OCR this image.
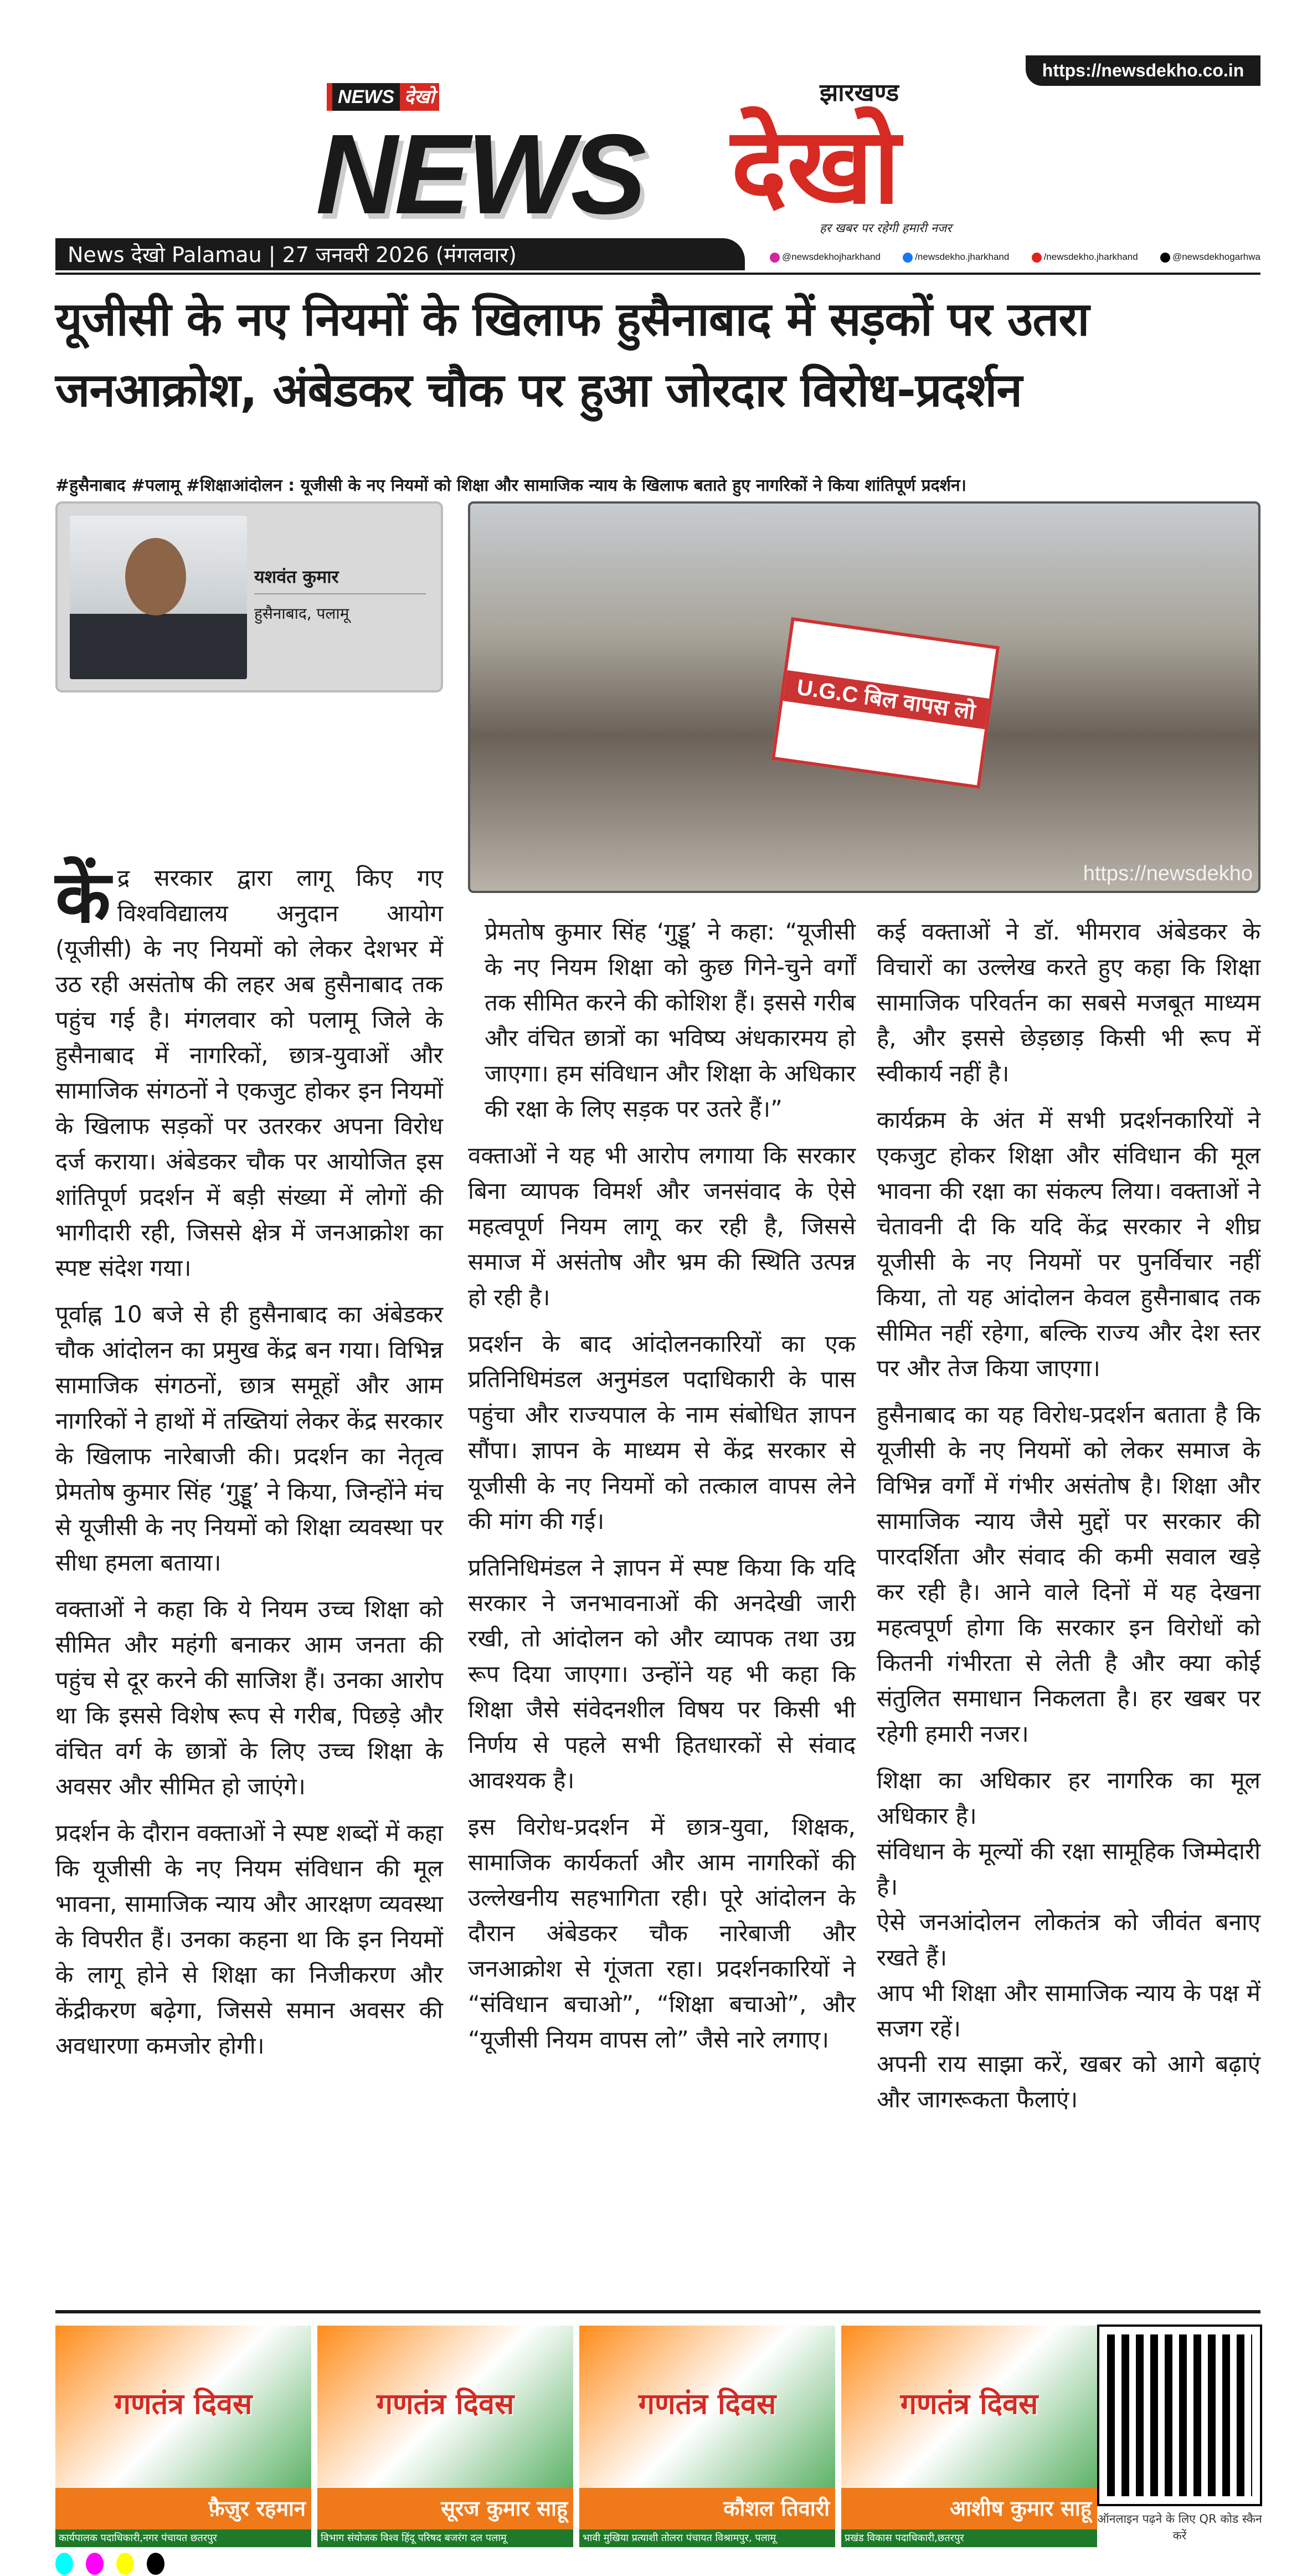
https://newsdekho.co.in
NEWS देखो	झारखण्ड
NEWS देखो
हर खबर पर रहेगी हमारी नजर
News देखो Palamau | 27 जनवरी 2026 (मंगलवार)	@newsdekhojharkhand	/newsdekho.jharkhand	/newsdekho.jharkhand	@newsdekhogarhwa
यूजीसी के नए नियमों के खिलाफ हुसैनाबाद में सड़कों पर उतरा जनआक्रोश, अंबेडकर चौक पर हुआ जोरदार विरोध-प्रदर्शन
#हुसैनाबाद #पलामू #शिक्षाआंदोलन : यूजीसी के नए नियमों को शिक्षा और सामाजिक न्याय के खिलाफ बताते हुए नागरिकों ने किया शांतिपूर्ण प्रदर्शन।
यशवंत कुमार
हुसैनाबाद, पलामू
U.G.C बिल वापस लो
https://newsdekho

केंद्र सरकार द्वारा लागू किए गए विश्वविद्यालय अनुदान आयोग (यूजीसी) के नए नियमों को लेकर देशभर में उठ रही असंतोष की लहर अब हुसैनाबाद तक पहुंच गई है। मंगलवार को पलामू जिले के हुसैनाबाद में नागरिकों, छात्र-युवाओं और सामाजिक संगठनों ने एकजुट होकर इन नियमों के खिलाफ सड़कों पर उतरकर अपना विरोध दर्ज कराया। अंबेडकर चौक पर आयोजित इस शांतिपूर्ण प्रदर्शन में बड़ी संख्या में लोगों की भागीदारी रही, जिससे क्षेत्र में जनआक्रोश का स्पष्ट संदेश गया।

पूर्वाह्न 10 बजे से ही हुसैनाबाद का अंबेडकर चौक आंदोलन का प्रमुख केंद्र बन गया। विभिन्न सामाजिक संगठनों, छात्र समूहों और आम नागरिकों ने हाथों में तख्तियां लेकर केंद्र सरकार के खिलाफ नारेबाजी की। प्रदर्शन का नेतृत्व प्रेमतोष कुमार सिंह ‘गुड्डू’ ने किया, जिन्होंने मंच से यूजीसी के नए नियमों को शिक्षा व्यवस्था पर सीधा हमला बताया।

वक्ताओं ने कहा कि ये नियम उच्च शिक्षा को सीमित और महंगी बनाकर आम जनता की पहुंच से दूर करने की साजिश हैं। उनका आरोप था कि इससे विशेष रूप से गरीब, पिछड़े और वंचित वर्ग के छात्रों के लिए उच्च शिक्षा के अवसर और सीमित हो जाएंगे।

प्रदर्शन के दौरान वक्ताओं ने स्पष्ट शब्दों में कहा कि यूजीसी के नए नियम संविधान की मूल भावना, सामाजिक न्याय और आरक्षण व्यवस्था के विपरीत हैं। उनका कहना था कि इन नियमों के लागू होने से शिक्षा का निजीकरण और केंद्रीकरण बढ़ेगा, जिससे समान अवसर की अवधारणा कमजोर होगी।

प्रेमतोष कुमार सिंह ‘गुड्डू’ ने कहा: “यूजीसी के नए नियम शिक्षा को कुछ गिने-चुने वर्गों तक सीमित करने की कोशिश हैं। इससे गरीब और वंचित छात्रों का भविष्य अंधकारमय हो जाएगा। हम संविधान और शिक्षा के अधिकार की रक्षा के लिए सड़क पर उतरे हैं।”

वक्ताओं ने यह भी आरोप लगाया कि सरकार बिना व्यापक विमर्श और जनसंवाद के ऐसे महत्वपूर्ण नियम लागू कर रही है, जिससे समाज में असंतोष और भ्रम की स्थिति उत्पन्न हो रही है।

प्रदर्शन के बाद आंदोलनकारियों का एक प्रतिनिधिमंडल अनुमंडल पदाधिकारी के पास पहुंचा और राज्यपाल के नाम संबोधित ज्ञापन सौंपा। ज्ञापन के माध्यम से केंद्र सरकार से यूजीसी के नए नियमों को तत्काल वापस लेने की मांग की गई।

प्रतिनिधिमंडल ने ज्ञापन में स्पष्ट किया कि यदि सरकार ने जनभावनाओं की अनदेखी जारी रखी, तो आंदोलन को और व्यापक तथा उग्र रूप दिया जाएगा। उन्होंने यह भी कहा कि शिक्षा जैसे संवेदनशील विषय पर किसी भी निर्णय से पहले सभी हितधारकों से संवाद आवश्यक है।

इस विरोध-प्रदर्शन में छात्र-युवा, शिक्षक, सामाजिक कार्यकर्ता और आम नागरिकों की उल्लेखनीय सहभागिता रही। पूरे आंदोलन के दौरान अंबेडकर चौक नारेबाजी और जनआक्रोश से गूंजता रहा। प्रदर्शनकारियों ने “संविधान बचाओ”, “शिक्षा बचाओ”, और “यूजीसी नियम वापस लो” जैसे नारे लगाए।

कई वक्ताओं ने डॉ. भीमराव अंबेडकर के विचारों का उल्लेख करते हुए कहा कि शिक्षा सामाजिक परिवर्तन का सबसे मजबूत माध्यम है, और इससे छेड़छाड़ किसी भी रूप में स्वीकार्य नहीं है।

कार्यक्रम के अंत में सभी प्रदर्शनकारियों ने एकजुट होकर शिक्षा और संविधान की मूल भावना की रक्षा का संकल्प लिया। वक्ताओं ने चेतावनी दी कि यदि केंद्र सरकार ने शीघ्र यूजीसी के नए नियमों पर पुनर्विचार नहीं किया, तो यह आंदोलन केवल हुसैनाबाद तक सीमित नहीं रहेगा, बल्कि राज्य और देश स्तर पर और तेज किया जाएगा।

हुसैनाबाद का यह विरोध-प्रदर्शन बताता है कि यूजीसी के नए नियमों को लेकर समाज के विभिन्न वर्गों में गंभीर असंतोष है। शिक्षा और सामाजिक न्याय जैसे मुद्दों पर सरकार की पारदर्शिता और संवाद की कमी सवाल खड़े कर रही है। आने वाले दिनों में यह देखना महत्वपूर्ण होगा कि सरकार इन विरोधों को कितनी गंभीरता से लेती है और क्या कोई संतुलित समाधान निकलता है। हर खबर पर रहेगी हमारी नजर।

शिक्षा का अधिकार हर नागरिक का मूल अधिकार है।
संविधान के मूल्यों की रक्षा सामूहिक जिम्मेदारी है।
ऐसे जनआंदोलन लोकतंत्र को जीवंत बनाए रखते हैं।
आप भी शिक्षा और सामाजिक न्याय के पक्ष में सजग रहें।
अपनी राय साझा करें, खबर को आगे बढ़ाएं और जागरूकता फैलाएं।
गणतंत्र दिवस
फ़ैज़ुर रहमान
कार्यपालक पदाधिकारी,नगर पंचायत छतरपुर
गणतंत्र दिवस
सूरज कुमार साहू
विभाग संयोजक विश्व हिंदू परिषद बजरंग दल पलामू
गणतंत्र दिवस
कौशल तिवारी
भावी मुखिया प्रत्याशी तोलरा पंचायत विश्रामपुर, पलामू
गणतंत्र दिवस
आशीष कुमार साहू
प्रखंड विकास पदाधिकारी,छतरपुर
ऑनलाइन पढ़ने के लिए QR कोड स्कैन करें
